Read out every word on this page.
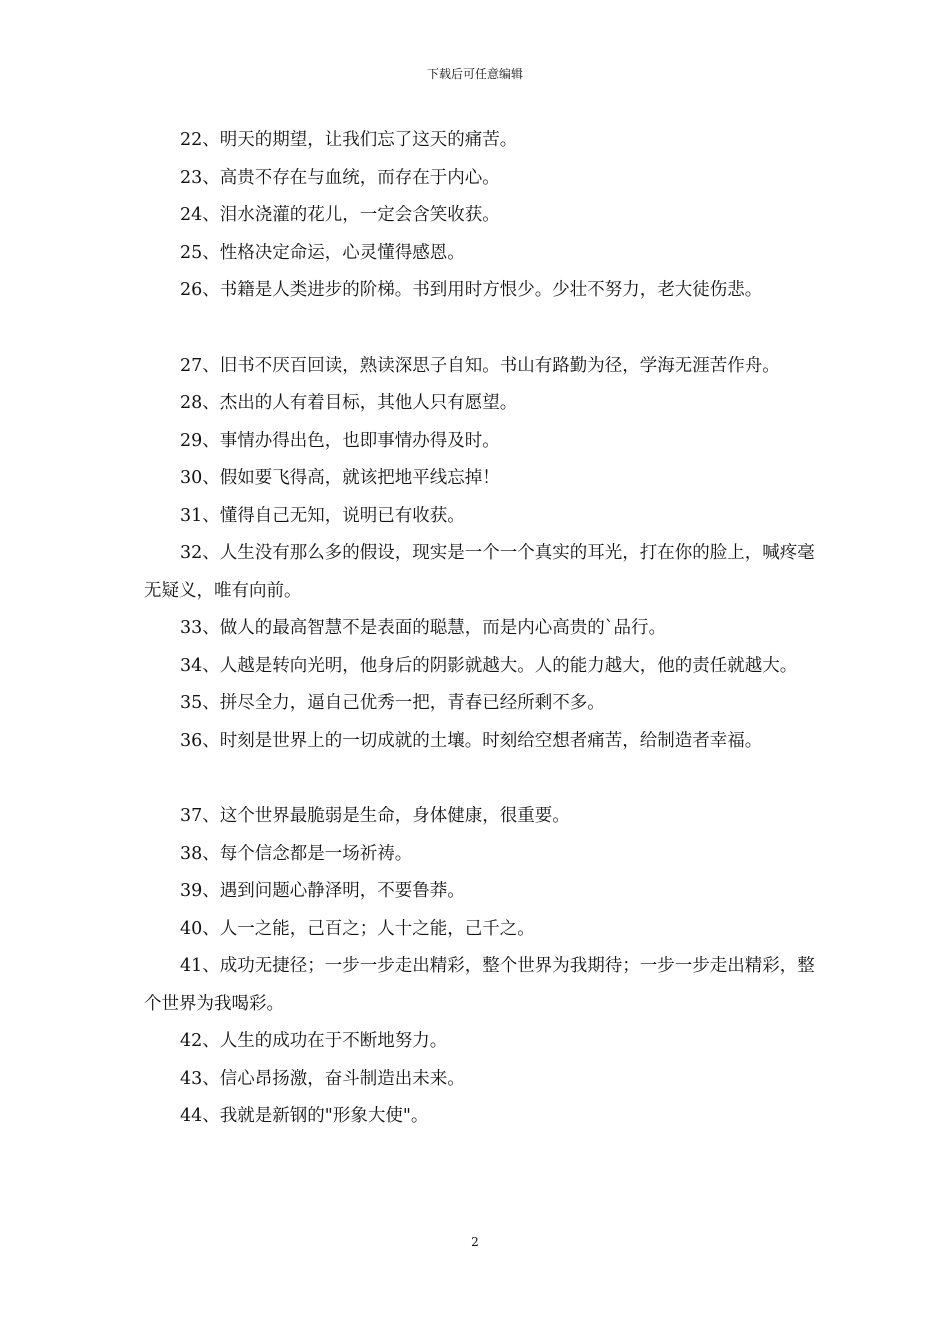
下载后可任意编辑

22、明天的期望，让我们忘了这天的痛苦。

23、高贵不存在与血统，而存在于内心。

24、泪水浇灌的花儿，一定会含笑收获。

25、性格决定命运，心灵懂得感恩。

26、书籍是人类进步的阶梯。书到用时方恨少。少壮不努力，老大徒伤悲。

27、旧书不厌百回读，熟读深思子自知。书山有路勤为径，学海无涯苦作舟。

28、杰出的人有着目标，其他人只有愿望。

29、事情办得出色，也即事情办得及时。

30、假如要飞得高，就该把地平线忘掉！

31、懂得自己无知，说明已有收获。

32、人生没有那么多的假设，现实是一个一个真实的耳光，打在你的脸上，喊疼毫无疑义，唯有向前。

33、做人的最高智慧不是表面的聪慧，而是内心高贵的`品行。

34、人越是转向光明，他身后的阴影就越大。人的能力越大，他的责任就越大。

35、拼尽全力，逼自己优秀一把，青春已经所剩不多。

36、时刻是世界上的一切成就的土壤。时刻给空想者痛苦，给制造者幸福。

37、这个世界最脆弱是生命，身体健康，很重要。

38、每个信念都是一场祈祷。

39、遇到问题心静泽明，不要鲁莽。

40、人一之能，己百之；人十之能，己千之。

41、成功无捷径；一步一步走出精彩，整个世界为我期待；一步一步走出精彩，整个世界为我喝彩。

42、人生的成功在于不断地努力。

43、信心昂扬激，奋斗制造出未来。

44、我就是新钢的"形象大使"。

2
